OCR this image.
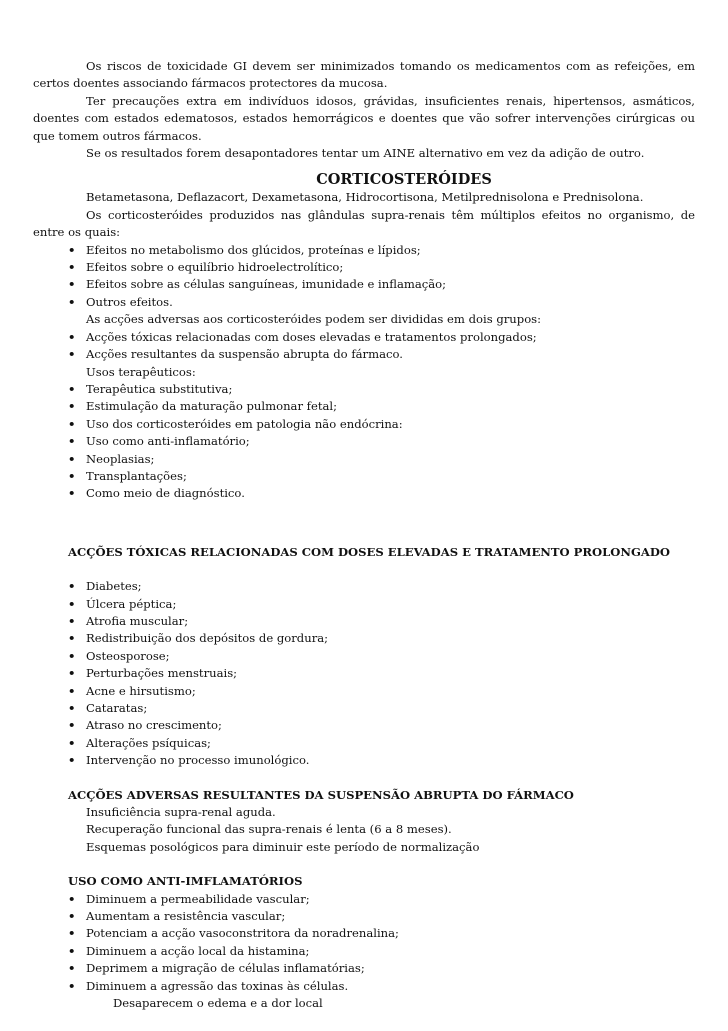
Os riscos de toxicidade GI devem ser minimizados tomando os medicamentos com as refeições, em certos doentes associando fármacos protectores da mucosa.

Ter precauções extra em indivíduos idosos, grávidas, insuficientes renais, hipertensos, asmáticos, doentes com estados edematosos, estados hemorrágicos e doentes que vão sofrer intervenções cirúrgicas ou que tomem outros fármacos.

Se os resultados forem desapontadores tentar um AINE alternativo em vez da adição de outro.

CORTICOSTERÓIDES

Betametasona, Deflazacort, Dexametasona, Hidrocortisona, Metilprednisolona e Prednisolona.

Os corticosteróides produzidos nas glândulas supra-renais têm múltiplos efeitos no organismo, de entre os quais:

• Efeitos no metabolismo dos glúcidos, proteínas e lípidos;
• Efeitos sobre o equilíbrio hidroelectrolítico;
• Efeitos sobre as células sanguíneas, imunidade e inflamação;
• Outros efeitos.

As acções adversas aos corticosteróides podem ser divididas em dois grupos:

• Acções tóxicas relacionadas com doses elevadas e tratamentos prolongados;
• Acções resultantes da suspensão abrupta do fármaco.

Usos terapêuticos:

• Terapêutica substitutiva;
• Estimulação da maturação pulmonar fetal;
• Uso dos corticosteróides em patologia não endócrina:
• Uso como anti-inflamatório;
• Neoplasias;
• Transplantações;
• Como meio de diagnóstico.

ACÇÕES TÓXICAS RELACIONADAS COM DOSES ELEVADAS E TRATAMENTO PROLONGADO

• Diabetes;
• Úlcera péptica;
• Atrofia muscular;
• Redistribuição dos depósitos de gordura;
• Osteosporose;
• Perturbações menstruais;
• Acne e hirsutismo;
• Cataratas;
• Atraso no crescimento;
• Alterações psíquicas;
• Intervenção no processo imunológico.

ACÇÕES ADVERSAS RESULTANTES DA SUSPENSÃO ABRUPTA DO FÁRMACO

Insuficiência supra-renal aguda.

Recuperação funcional das supra-renais é lenta (6 a 8 meses).

Esquemas posológicos para diminuir este período de normalização

USO COMO ANTI-IMFLAMATÓRIOS

• Diminuem a permeabilidade vascular;
• Aumentam a resistência vascular;
• Potenciam a acção vasoconstritora da noradrenalina;
• Diminuem a acção local da histamina;
• Deprimem a migração de células inflamatórias;
• Diminuem a agressão das toxinas às células.

Desaparecem o edema e a dor local
